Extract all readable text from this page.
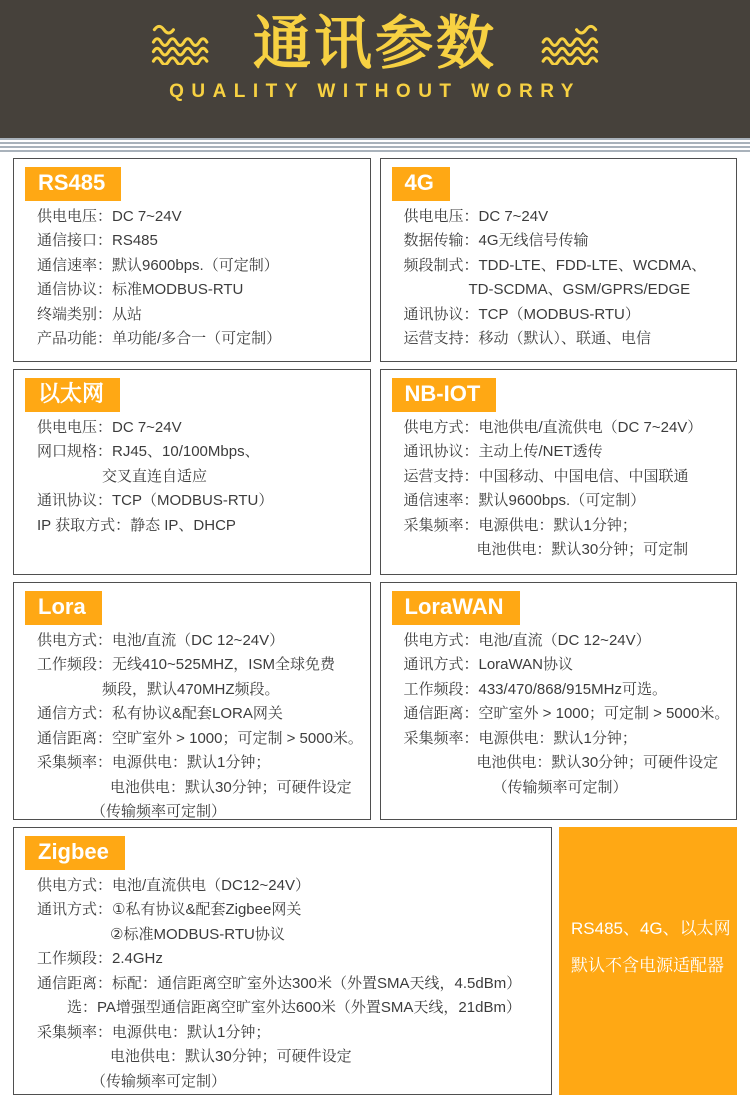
通讯参数
QUALITY WITHOUT WORRY
RS485
供电电压：DC 7~24V
通信接口：RS485
通信速率：默认9600bps.（可定制）
通信协议：标准MODBUS-RTU
终端类别：从站
产品功能：单功能/多合一（可定制）
4G
供电电压：DC 7~24V
数据传输：4G无线信号传输
频段制式：TDD-LTE、FDD-LTE、WCDMA、
TD-SCDMA、GSM/GPRS/EDGE
通讯协议：TCP（MODBUS-RTU）
运营支持：移动（默认）、联通、电信
以太网
供电电压：DC 7~24V
网口规格：RJ45、10/100Mbps、
交叉直连自适应
通讯协议：TCP（MODBUS-RTU）
IP 获取方式：静态 IP、DHCP
NB-IOT
供电方式：电池供电/直流供电（DC 7~24V）
通讯协议：主动上传/NET透传
运营支持：中国移动、中国电信、中国联通
通信速率：默认9600bps.（可定制）
采集频率：电源供电：默认1分钟；
电池供电：默认30分钟；可定制
Lora
供电方式：电池/直流（DC 12~24V）
工作频段：无线410~525MHZ，ISM全球免费
频段，默认470MHZ频段。
通信方式：私有协议&配套LORA网关
通信距离：空旷室外 > 1000；可定制 > 5000米。
采集频率：电源供电：默认1分钟；
电池供电：默认30分钟；可硬件设定
（传输频率可定制）
LoraWAN
供电方式：电池/直流（DC 12~24V）
通讯方式：LoraWAN协议
工作频段：433/470/868/915MHz可选。
通信距离：空旷室外 > 1000；可定制 > 5000米。
采集频率：电源供电：默认1分钟；
电池供电：默认30分钟；可硬件设定
（传输频率可定制）
Zigbee
供电方式：电池/直流供电（DC12~24V）
通讯方式：①私有协议&配套Zigbee网关
②标准MODBUS-RTU协议
工作频段：2.4GHz
通信距离：标配：通信距离空旷室外达300米（外置SMA天线，4.5dBm）
选：PA增强型通信距离空旷室外达600米（外置SMA天线，21dBm）
采集频率：电源供电：默认1分钟；
电池供电：默认30分钟；可硬件设定
（传输频率可定制）
RS485、4G、以太网
默认不含电源适配器
